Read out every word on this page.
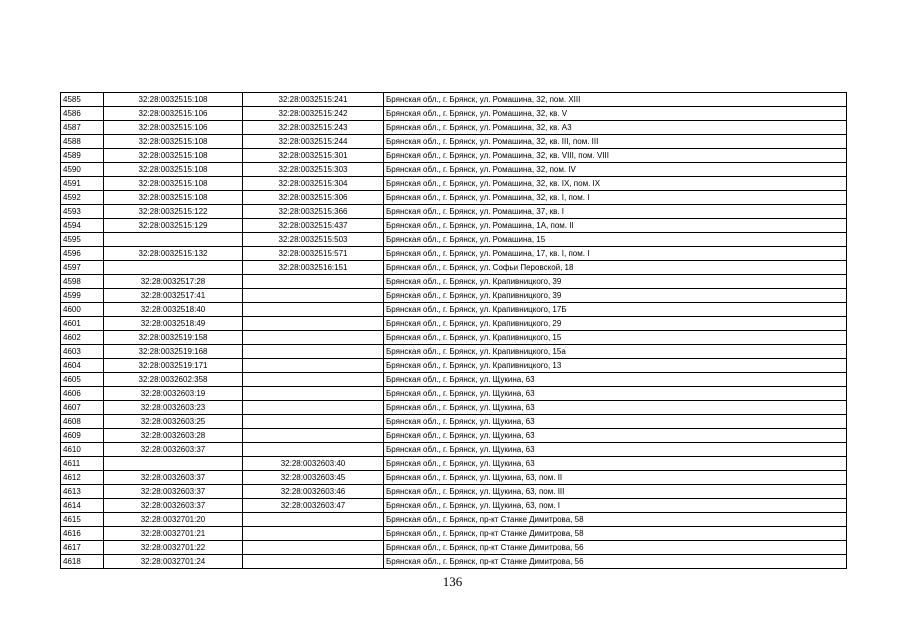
4585	32:28:0032515:108	32:28:0032515:241	Брянская обл., г. Брянск, ул. Ромашина, 32, пом. XIII
4586	32:28:0032515:106	32:28:0032515:242	Брянская обл., г. Брянск, ул. Ромашина, 32, кв. V
4587	32:28:0032515:106	32:28:0032515:243	Брянская обл., г. Брянск, ул. Ромашина, 32, кв. А3
4588	32:28:0032515:108	32:28:0032515:244	Брянская обл., г. Брянск, ул. Ромашина, 32, кв. III, пом. III
4589	32:28:0032515:108	32:28:0032515:301	Брянская обл., г. Брянск, ул. Ромашина, 32, кв. VIII, пом. VIII
4590	32:28:0032515:108	32:28:0032515:303	Брянская обл., г. Брянск, ул. Ромашина, 32, пом. IV
4591	32:28:0032515:108	32:28:0032515:304	Брянская обл., г. Брянск, ул. Ромашина, 32, кв. IX, пом. IX
4592	32:28:0032515:108	32:28:0032515:306	Брянская обл., г. Брянск, ул. Ромашина, 32, кв. I, пом. I
4593	32:28:0032515:122	32:28:0032515:366	Брянская обл., г. Брянск, ул. Ромашина, 37, кв. I
4594	32:28:0032515:129	32:28:0032515:437	Брянская обл., г. Брянск, ул. Ромашина, 1А, пом. II
4595		32:28:0032515:503	Брянская обл., г. Брянск, ул. Ромашина, 15
4596	32:28:0032515:132	32:28:0032515:571	Брянская обл., г. Брянск, ул. Ромашина, 17, кв. I, пом. I
4597		32:28:0032516:151	Брянская обл., г. Брянск, ул. Софьи Перовской, 18
4598	32:28:0032517:28		Брянская обл., г. Брянск, ул. Крапивницкого, 39
4599	32:28:0032517:41		Брянская обл., г. Брянск, ул. Крапивницкого, 39
4600	32:28:0032518:40		Брянская обл., г. Брянск, ул. Крапивницкого, 17Б
4601	32:28:0032518:49		Брянская обл., г. Брянск, ул. Крапивницкого, 29
4602	32:28:0032519:158		Брянская обл., г. Брянск, ул. Крапивницкого, 15
4603	32:28:0032519:168		Брянская обл., г. Брянск, ул. Крапивницкого, 15а
4604	32:28:0032519:171		Брянская обл., г. Брянск, ул. Крапивницкого, 13
4605	32:28:0032602:358		Брянская обл., г. Брянск, ул. Щукина, 63
4606	32:28:0032603:19		Брянская обл., г. Брянск, ул. Щукина, 63
4607	32:28:0032603:23		Брянская обл., г. Брянск, ул. Щукина, 63
4608	32:28:0032603:25		Брянская обл., г. Брянск, ул. Щукина, 63
4609	32:28:0032603:28		Брянская обл., г. Брянск, ул. Щукина, 63
4610	32:28:0032603:37		Брянская обл., г. Брянск, ул. Щукина, 63
4611		32:28:0032603:40	Брянская обл., г. Брянск, ул. Щукина, 63
4612	32:28:0032603:37	32:28:0032603:45	Брянская обл., г. Брянск, ул. Щукина, 63, пом. II
4613	32:28:0032603:37	32:28:0032603:46	Брянская обл., г. Брянск, ул. Щукина, 63, пом. III
4614	32:28:0032603:37	32:28:0032603:47	Брянская обл., г. Брянск, ул. Щукина, 63, пом. I
4615	32:28:0032701:20		Брянская обл., г. Брянск, пр-кт Станке Димитрова, 58
4616	32:28:0032701:21		Брянская обл., г. Брянск, пр-кт Станке Димитрова, 58
4617	32:28:0032701:22		Брянская обл., г. Брянск, пр-кт Станке Димитрова, 56
4618	32:28:0032701:24		Брянская обл., г. Брянск, пр-кт Станке Димитрова, 56
136
